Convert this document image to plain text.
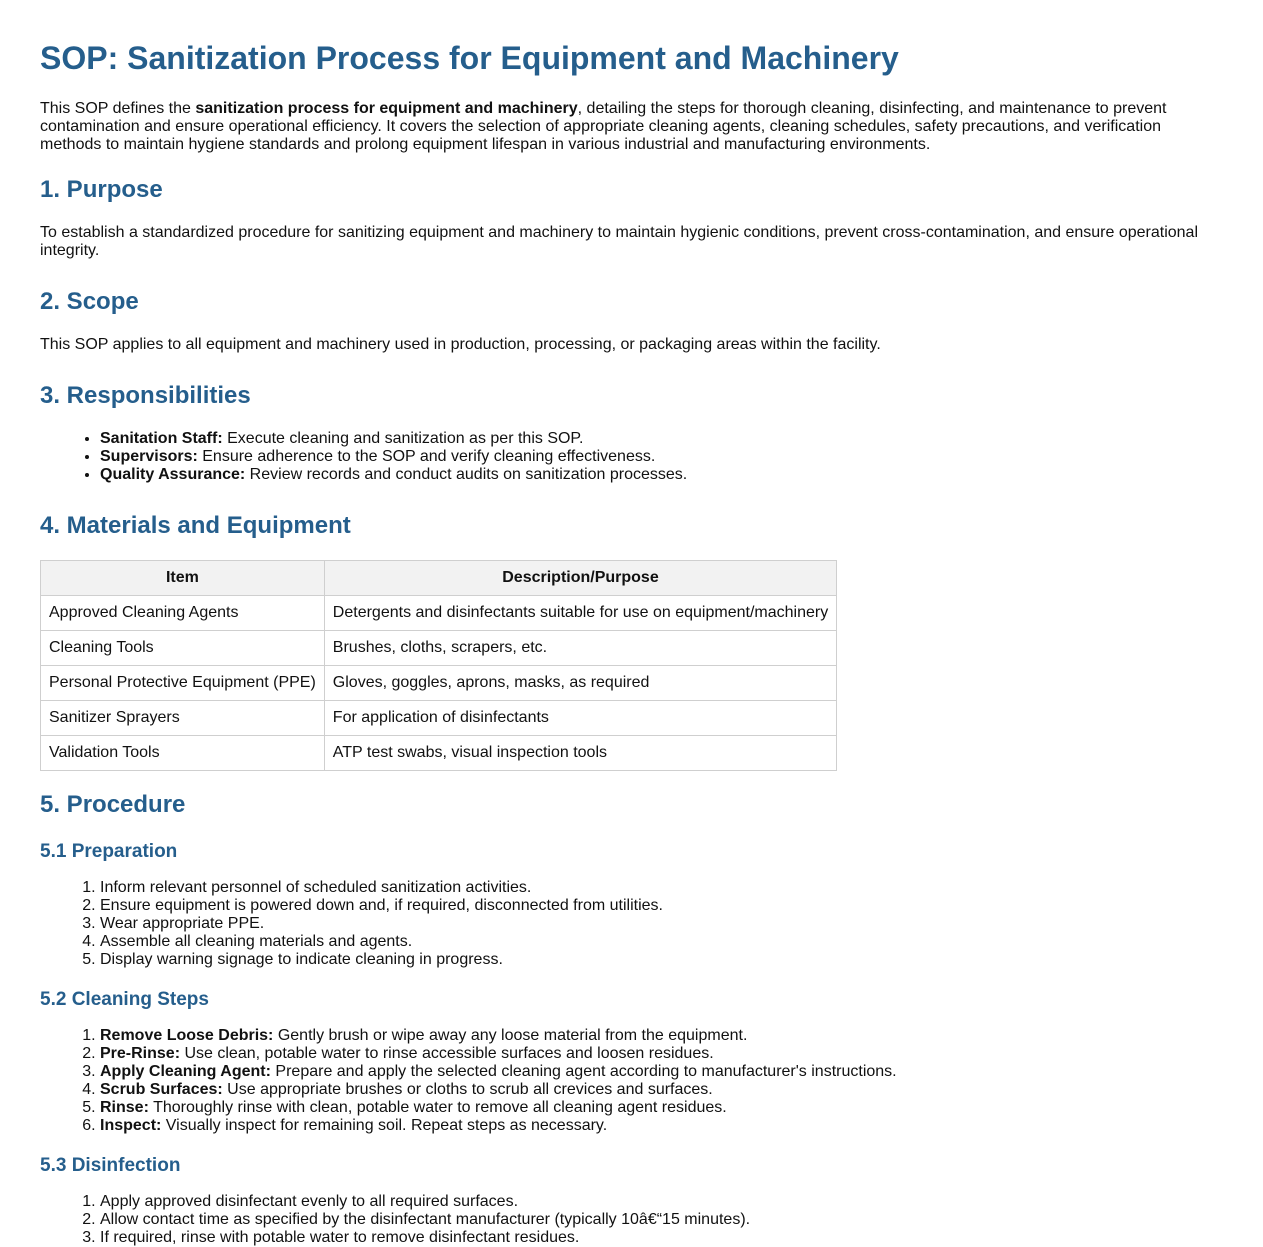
SOP: Sanitization Process for Equipment and Machinery

This SOP defines the sanitization process for equipment and machinery, detailing the steps for thorough cleaning, disinfecting, and maintenance to prevent contamination and ensure operational efficiency. It covers the selection of appropriate cleaning agents, cleaning schedules, safety precautions, and verification methods to maintain hygiene standards and prolong equipment lifespan in various industrial and manufacturing environments.

1. Purpose

To establish a standardized procedure for sanitizing equipment and machinery to maintain hygienic conditions, prevent cross-contamination, and ensure operational integrity.

2. Scope

This SOP applies to all equipment and machinery used in production, processing, or packaging areas within the facility.

3. Responsibilities
• Sanitation Staff: Execute cleaning and sanitization as per this SOP.
• Supervisors: Ensure adherence to the SOP and verify cleaning effectiveness.
• Quality Assurance: Review records and conduct audits on sanitization processes.
4. Materials and Equipment
Item	Description/Purpose
Approved Cleaning Agents	Detergents and disinfectants suitable for use on equipment/machinery
Cleaning Tools	Brushes, cloths, scrapers, etc.
Personal Protective Equipment (PPE)	Gloves, goggles, aprons, masks, as required
Sanitizer Sprayers	For application of disinfectants
Validation Tools	ATP test swabs, visual inspection tools
5. Procedure
5.1 Preparation
1. Inform relevant personnel of scheduled sanitization activities.
2. Ensure equipment is powered down and, if required, disconnected from utilities.
3. Wear appropriate PPE.
4. Assemble all cleaning materials and agents.
5. Display warning signage to indicate cleaning in progress.
5.2 Cleaning Steps
1. Remove Loose Debris: Gently brush or wipe away any loose material from the equipment.
2. Pre-Rinse: Use clean, potable water to rinse accessible surfaces and loosen residues.
3. Apply Cleaning Agent: Prepare and apply the selected cleaning agent according to manufacturer's instructions.
4. Scrub Surfaces: Use appropriate brushes or cloths to scrub all crevices and surfaces.
5. Rinse: Thoroughly rinse with clean, potable water to remove all cleaning agent residues.
6. Inspect: Visually inspect for remaining soil. Repeat steps as necessary.
5.3 Disinfection
1. Apply approved disinfectant evenly to all required surfaces.
2. Allow contact time as specified by the disinfectant manufacturer (typically 10â€“15 minutes).
3. If required, rinse with potable water to remove disinfectant residues.
